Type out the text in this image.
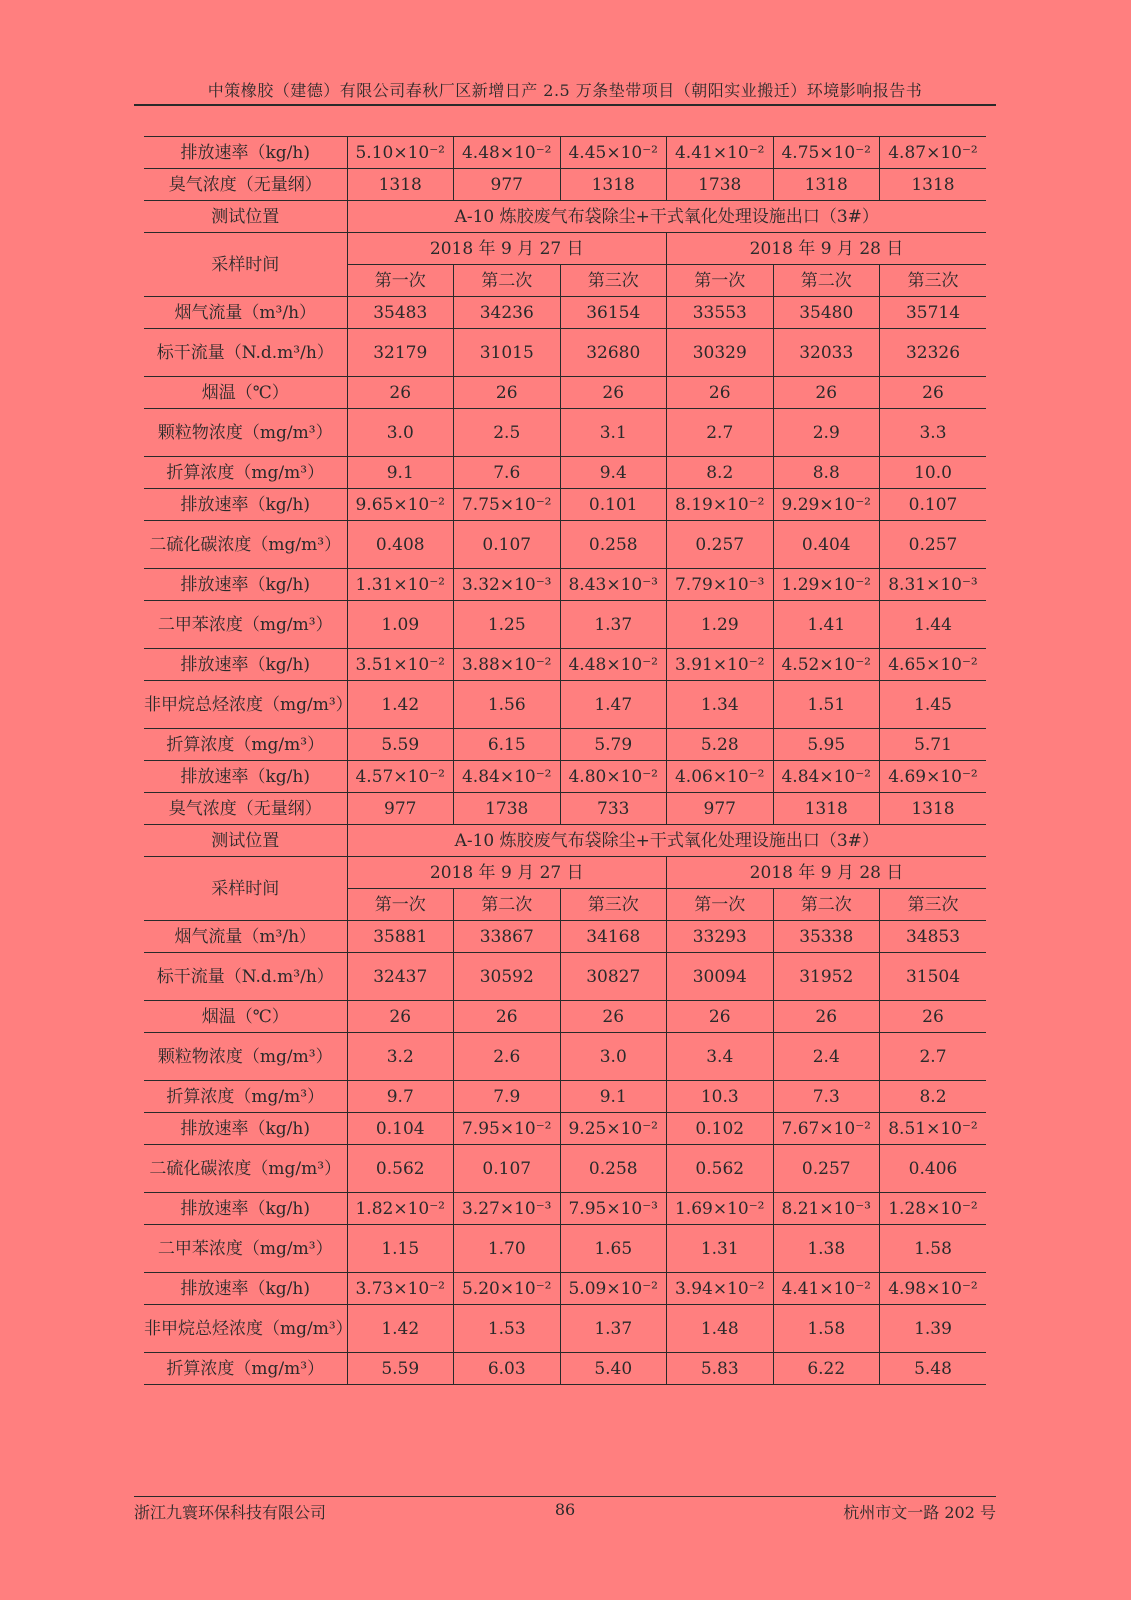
中策橡胶（建德）有限公司春秋厂区新增日产 2.5 万条垫带项目（朝阳实业搬迁）环境影响报告书
排放速率（kg/h)	5.10×10⁻²	4.48×10⁻²	4.45×10⁻²	4.41×10⁻²	4.75×10⁻²	4.87×10⁻²
臭气浓度（无量纲）	1318	977	1318	1738	1318	1318
测试位置	A-10 炼胶废气布袋除尘+干式氧化处理设施出口（3#）					
采样时间	2018 年 9 月 27 日			2018 年 9 月 28 日		
	第一次	第二次	第三次	第一次	第二次	第三次
烟气流量（m³/h）	35483	34236	36154	33553	35480	35714
标干流量（N.d.m³/h）	32179	31015	32680	30329	32033	32326
烟温（℃）	26	26	26	26	26	26
颗粒物浓度（mg/m³）	3.0	2.5	3.1	2.7	2.9	3.3
折算浓度（mg/m³）	9.1	7.6	9.4	8.2	8.8	10.0
排放速率（kg/h)	9.65×10⁻²	7.75×10⁻²	0.101	8.19×10⁻²	9.29×10⁻²	0.107
二硫化碳浓度（mg/m³）	0.408	0.107	0.258	0.257	0.404	0.257
排放速率（kg/h)	1.31×10⁻²	3.32×10⁻³	8.43×10⁻³	7.79×10⁻³	1.29×10⁻²	8.31×10⁻³
二甲苯浓度（mg/m³）	1.09	1.25	1.37	1.29	1.41	1.44
排放速率（kg/h)	3.51×10⁻²	3.88×10⁻²	4.48×10⁻²	3.91×10⁻²	4.52×10⁻²	4.65×10⁻²
非甲烷总烃浓度（mg/m³）	1.42	1.56	1.47	1.34	1.51	1.45
折算浓度（mg/m³）	5.59	6.15	5.79	5.28	5.95	5.71
排放速率（kg/h)	4.57×10⁻²	4.84×10⁻²	4.80×10⁻²	4.06×10⁻²	4.84×10⁻²	4.69×10⁻²
臭气浓度（无量纲）	977	1738	733	977	1318	1318
测试位置	A-10 炼胶废气布袋除尘+干式氧化处理设施出口（3#）					
采样时间	2018 年 9 月 27 日			2018 年 9 月 28 日		
	第一次	第二次	第三次	第一次	第二次	第三次
烟气流量（m³/h）	35881	33867	34168	33293	35338	34853
标干流量（N.d.m³/h）	32437	30592	30827	30094	31952	31504
烟温（℃）	26	26	26	26	26	26
颗粒物浓度（mg/m³）	3.2	2.6	3.0	3.4	2.4	2.7
折算浓度（mg/m³）	9.7	7.9	9.1	10.3	7.3	8.2
排放速率（kg/h)	0.104	7.95×10⁻²	9.25×10⁻²	0.102	7.67×10⁻²	8.51×10⁻²
二硫化碳浓度（mg/m³）	0.562	0.107	0.258	0.562	0.257	0.406
排放速率（kg/h)	1.82×10⁻²	3.27×10⁻³	7.95×10⁻³	1.69×10⁻²	8.21×10⁻³	1.28×10⁻²
二甲苯浓度（mg/m³）	1.15	1.70	1.65	1.31	1.38	1.58
排放速率（kg/h)	3.73×10⁻²	5.20×10⁻²	5.09×10⁻²	3.94×10⁻²	4.41×10⁻²	4.98×10⁻²
非甲烷总烃浓度（mg/m³）	1.42	1.53	1.37	1.48	1.58	1.39
折算浓度（mg/m³）	5.59	6.03	5.40	5.83	6.22	5.48
浙江九寰环保科技有限公司	86	杭州市文一路 202 号
